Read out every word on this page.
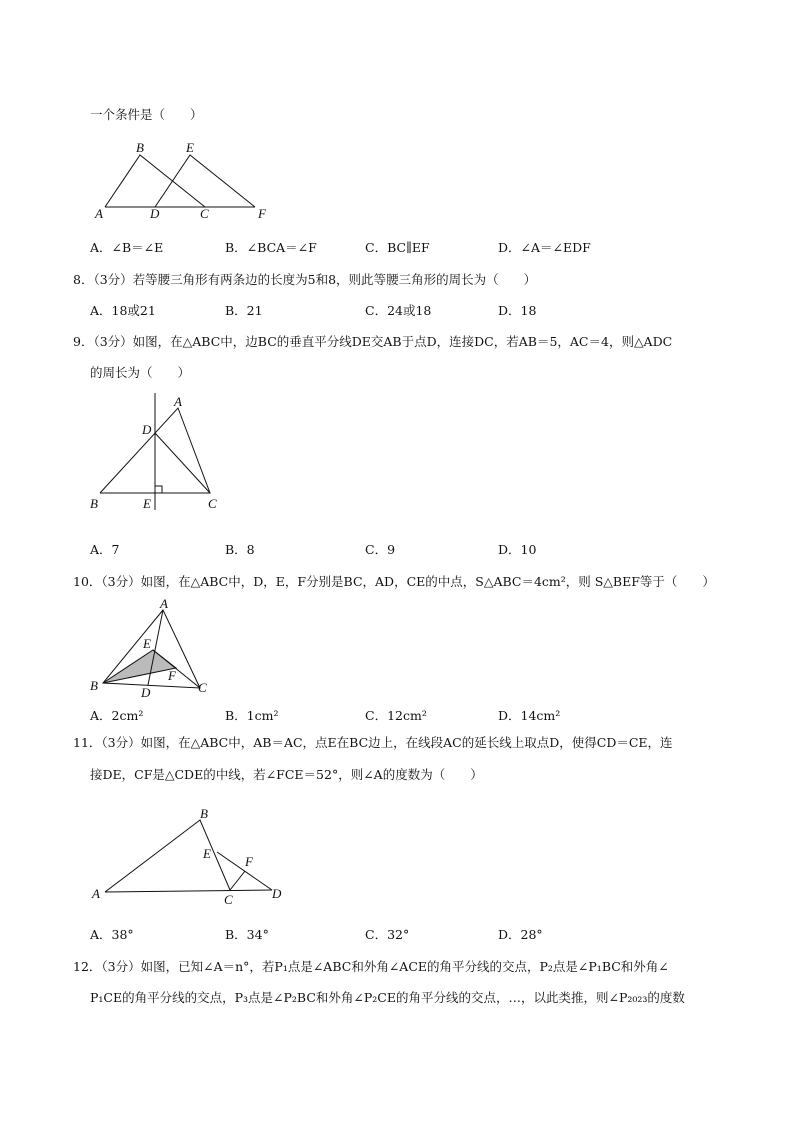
一个条件是（　　）
A
B
C
D
E
F
A
D
B	E	C
A
E
F
B	D	C
B
E
F
A	C	D
A．∠B＝∠E	B．∠BCA＝∠F	C．BC∥EF	D．∠A＝∠EDF
8．（3分）若等腰三角形有两条边的长度为5和8，则此等腰三角形的周长为（　　）
A．18或21	B．21	C．24或18	D．18
9．（3分）如图，在△ABC中，边BC的垂直平分线DE交AB于点D，连接DC，若AB＝5，AC＝4，则△ADC
的周长为（　　）
A．7	B．8	C．9	D．10
10．（3分）如图，在△ABC中，D，E，F分别是BC，AD，CE的中点，S△ABC＝4cm²，则 S△BEF等于（　　）
A．2cm²	B．1cm²	C．12cm²	D．14cm²
11．（3分）如图，在△ABC中，AB＝AC，点E在BC边上，在线段AC的延长线上取点D，使得CD＝CE，连
接DE，CF是△CDE的中线，若∠FCE＝52°，则∠A的度数为（　　）
A．38°	B．34°	C．32°	D．28°
12．（3分）如图，已知∠A＝n°，若P₁点是∠ABC和外角∠ACE的角平分线的交点，P₂点是∠P₁BC和外角∠
P₁CE的角平分线的交点，P₃点是∠P₂BC和外角∠P₂CE的角平分线的交点，…，以此类推，则∠P₂₀₂₃的度数
